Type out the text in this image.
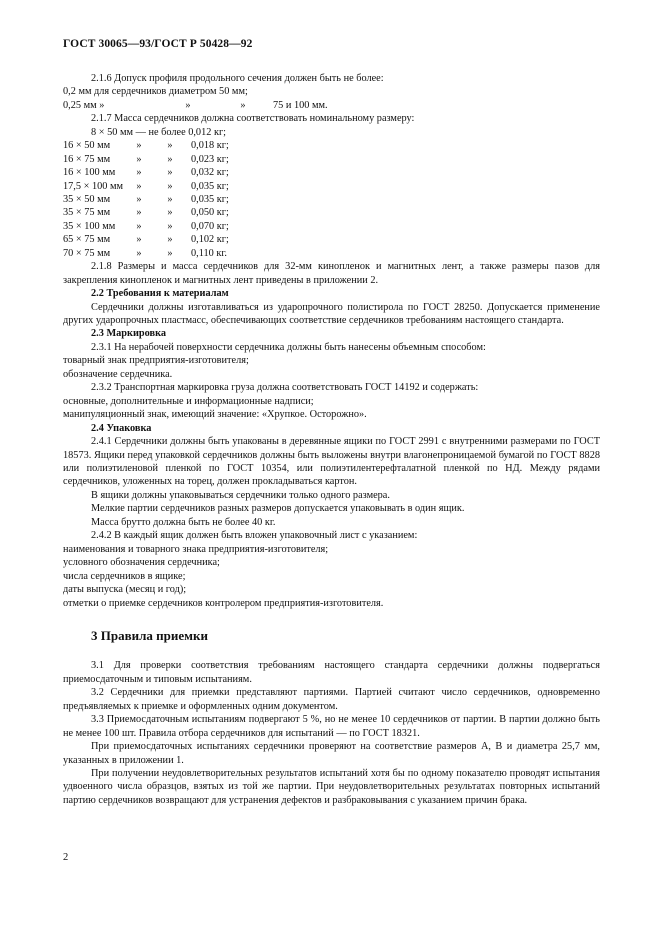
ГОСТ 30065—93/ГОСТ Р 50428—92

2.1.6 Допуск профиля продольного сечения должен быть не более:

0,2 мм для сердечников диаметром 50 мм;

0,25 мм »	»	»	75 и 100 мм.

2.1.7 Масса сердечников должна соответствовать номинальному размеру:

8 × 50 мм — не более 0,012 кг;
16 × 50 мм	»	»	0,018 кг;
16 × 75 мм	»	»	0,023 кг;
16 × 100 мм	»	»	0,032 кг;
17,5 × 100 мм	»	»	0,035 кг;
35 × 50 мм	»	»	0,035 кг;
35 × 75 мм	»	»	0,050 кг;
35 × 100 мм	»	»	0,070 кг;
65 × 75 мм	»	»	0,102 кг;
70 × 75 мм	»	»	0,110 кг.

2.1.8 Размеры и масса сердечников для 32-мм кинопленок и магнитных лент, а также размеры пазов для закрепления кинопленок и магнитных лент приведены в приложении 2.

2.2 Требования к материалам

Сердечники должны изготавливаться из ударопрочного полистирола по ГОСТ 28250. Допускается применение других ударопрочных пластмасс, обеспечивающих соответствие сердечников требованиям настоящего стандарта.

2.3 Маркировка

2.3.1 На нерабочей поверхности сердечника должны быть нанесены объемным способом:

товарный знак предприятия-изготовителя;

обозначение сердечника.

2.3.2 Транспортная маркировка груза должна соответствовать ГОСТ 14192 и содержать:

основные, дополнительные и информационные надписи;

манипуляционный знак, имеющий значение: «Хрупкое. Осторожно».

2.4 Упаковка

2.4.1 Сердечники должны быть упакованы в деревянные ящики по ГОСТ 2991 с внутренними размерами по ГОСТ 18573. Ящики перед упаковкой сердечников должны быть выложены внутри влагонепроницаемой бумагой по ГОСТ 8828 или полиэтиленовой пленкой по ГОСТ 10354, или полиэтилентерефталатной пленкой по НД. Между рядами сердечников, уложенных на торец, должен прокладываться картон.

В ящики должны упаковываться сердечники только одного размера.

Мелкие партии сердечников разных размеров допускается упаковывать в один ящик.

Масса брутто должна быть не более 40 кг.

2.4.2 В каждый ящик должен быть вложен упаковочный лист с указанием:

наименования и товарного знака предприятия-изготовителя;

условного обозначения сердечника;

числа сердечников в ящике;

даты выпуска (месяц и год);

отметки о приемке сердечников контролером предприятия-изготовителя.

3 Правила приемки

3.1 Для проверки соответствия требованиям настоящего стандарта сердечники должны подвергаться приемосдаточным и типовым испытаниям.

3.2 Сердечники для приемки представляют партиями. Партией считают число сердечников, одновременно предъявляемых к приемке и оформленных одним документом.

3.3 Приемосдаточным испытаниям подвергают 5 %, но не менее 10 сердечников от партии. В партии должно быть не менее 100 шт. Правила отбора сердечников для испытаний — по ГОСТ 18321.

При приемосдаточных испытаниях сердечники проверяют на соответствие размеров A, B и диаметра 25,7 мм, указанных в приложении 1.

При получении неудовлетворительных результатов испытаний хотя бы по одному показателю проводят испытания удвоенного числа образцов, взятых из той же партии. При неудовлетворительных результатах повторных испытаний партию сердечников возвращают для устранения дефектов и разбраковывания с указанием причин брака.

2
